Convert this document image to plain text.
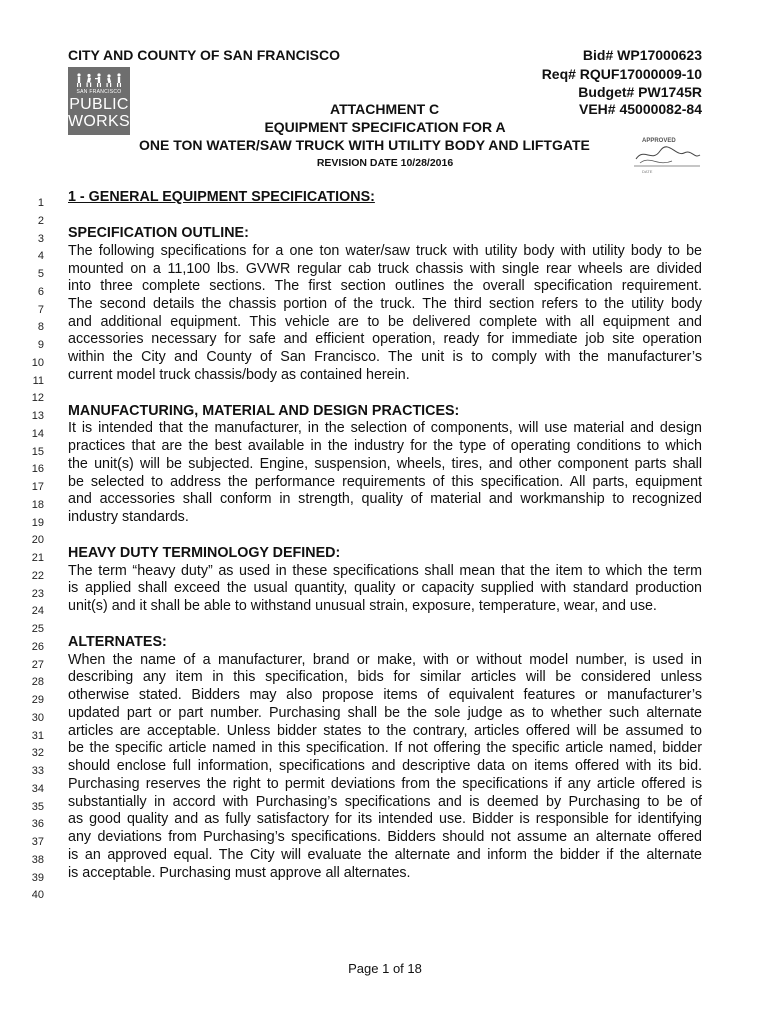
CITY AND COUNTY OF SAN FRANCISCO	Bid# WP17000623
Req# RQUF17000009-10
Budget# PW1745R
VEH# 45000082-84
ATTACHMENT C
EQUIPMENT SPECIFICATION FOR A
ONE TON WATER/SAW TRUCK WITH UTILITY BODY AND LIFTGATE
REVISION DATE 10/28/2016
SAN FRANCISCO
PUBLIC
WORKS
APPROVED
DATE
1
2
3
4
5
6
7
8
9
10
11
12
13
14
15
16
17
18
19
20
21
22
23
24
25
26
27
28
29
30
31
32
33
34
35
36
37
38
39
40
1 - GENERAL EQUIPMENT SPECIFICATIONS:
SPECIFICATION OUTLINE:
The following specifications for a one ton water/saw truck with utility body with utility body to be
mounted on a 11,100 lbs. GVWR regular cab truck chassis with single rear wheels are divided
into three complete sections. The first section outlines the overall specification requirement.
The second details the chassis portion of the truck. The third section refers to the utility body
and additional equipment. This vehicle are to be delivered complete with all equipment and
accessories necessary for safe and efficient operation, ready for immediate job site operation
within the City and County of San Francisco. The unit is to comply with the manufacturer’s
current model truck chassis/body as contained herein.
MANUFACTURING, MATERIAL AND DESIGN PRACTICES:
It is intended that the manufacturer, in the selection of components, will use material and design
practices that are the best available in the industry for the type of operating conditions to which
the unit(s) will be subjected. Engine, suspension, wheels, tires, and other component parts shall
be selected to address the performance requirements of this specification. All parts, equipment
and accessories shall conform in strength, quality of material and workmanship to recognized
industry standards.
HEAVY DUTY TERMINOLOGY DEFINED:
The term “heavy duty” as used in these specifications shall mean that the item to which the term
is applied shall exceed the usual quantity, quality or capacity supplied with standard production
unit(s) and it shall be able to withstand unusual strain, exposure, temperature, wear, and use.
ALTERNATES:
When the name of a manufacturer, brand or make, with or without model number, is used in
describing any item in this specification, bids for similar articles will be considered unless
otherwise stated. Bidders may also propose items of equivalent features or manufacturer’s
updated part or part number. Purchasing shall be the sole judge as to whether such alternate
articles are acceptable. Unless bidder states to the contrary, articles offered will be assumed to
be the specific article named in this specification. If not offering the specific article named, bidder
should enclose full information, specifications and descriptive data on items offered with its bid.
Purchasing reserves the right to permit deviations from the specifications if any article offered is
substantially in accord with Purchasing’s specifications and is deemed by Purchasing to be of
as good quality and as fully satisfactory for its intended use. Bidder is responsible for identifying
any deviations from Purchasing’s specifications. Bidders should not assume an alternate offered
is an approved equal. The City will evaluate the alternate and inform the bidder if the alternate
is acceptable. Purchasing must approve all alternates.
Page 1 of 18
